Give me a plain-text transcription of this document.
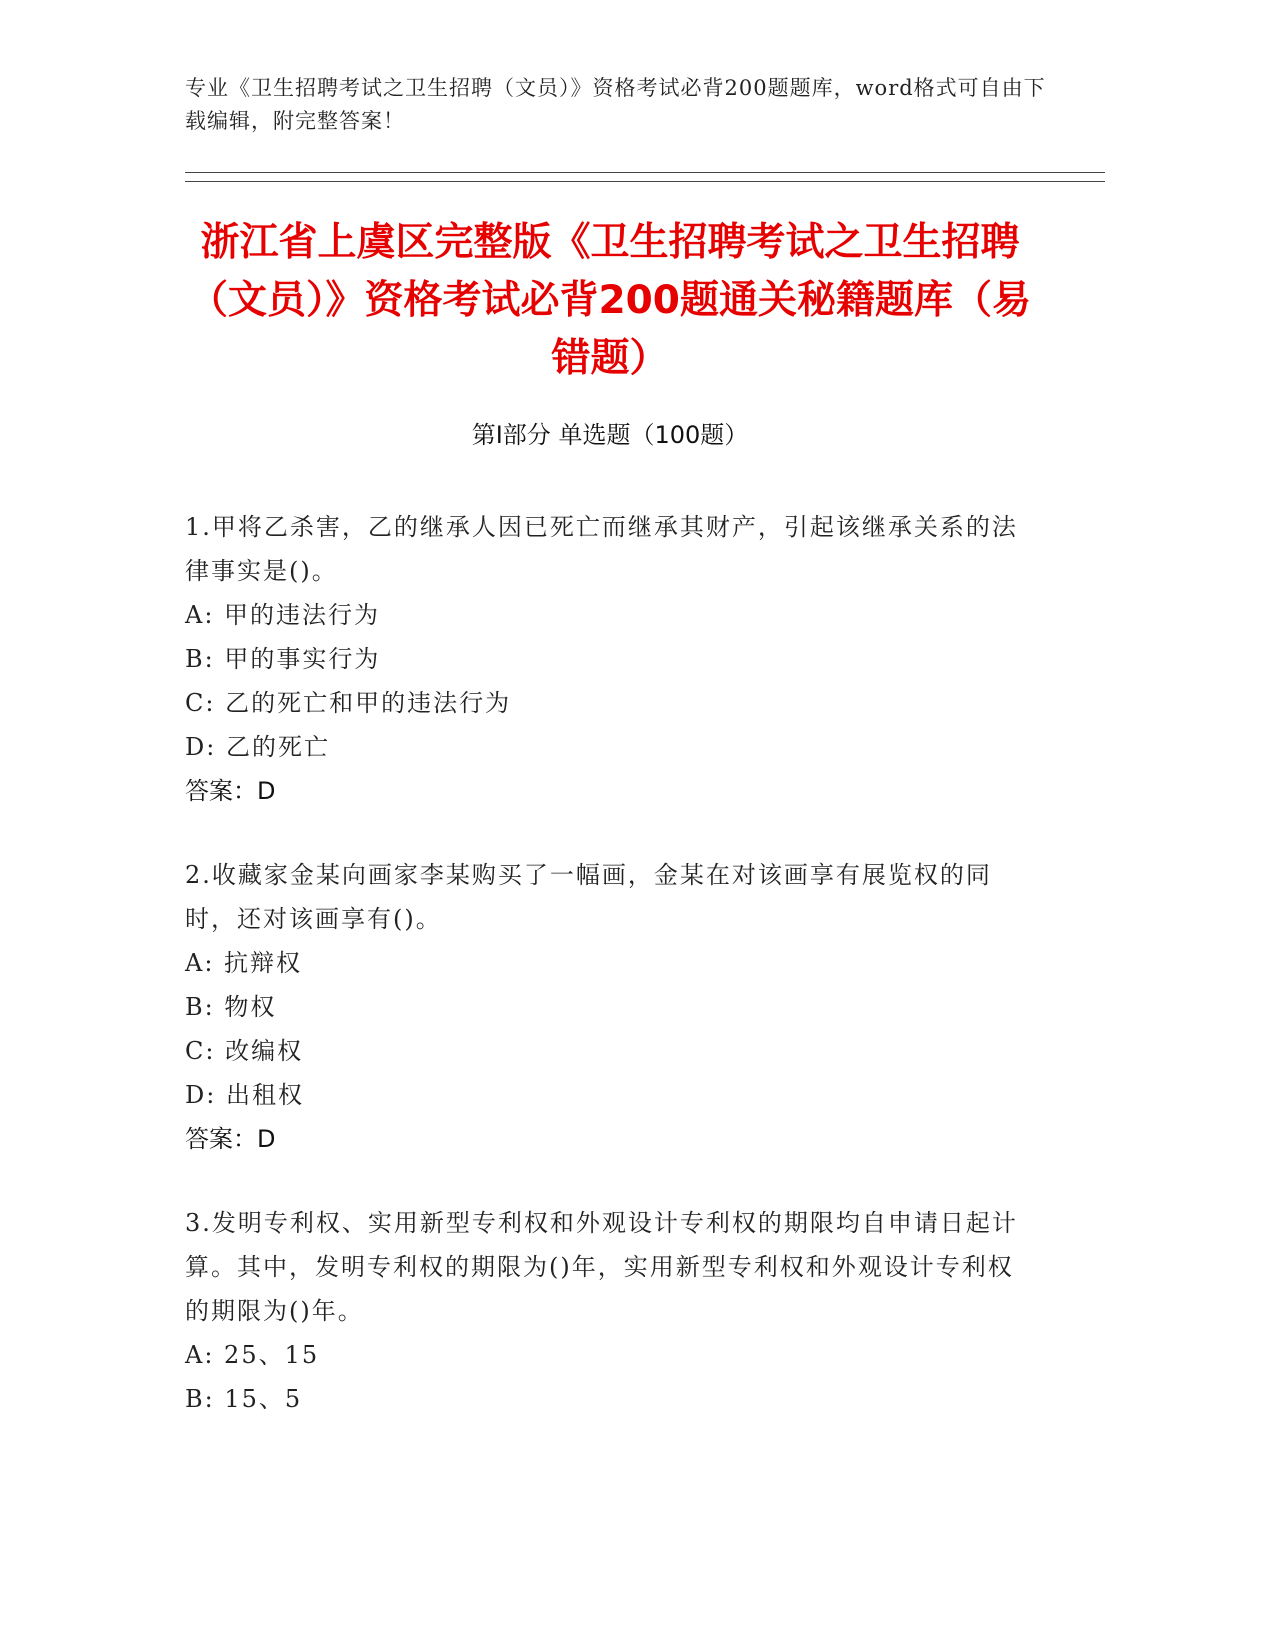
专业《卫生招聘考试之卫生招聘（文员）》资格考试必背200题题库，word格式可自由下载编辑，附完整答案！
浙江省上虞区完整版《卫生招聘考试之卫生招聘（文员）》资格考试必背200题通关秘籍题库（易错题）
第Ⅰ部分 单选题（100题）
1.甲将乙杀害，乙的继承人因已死亡而继承其财产，引起该继承关系的法律事实是()。
A: 甲的违法行为
B: 甲的事实行为
C: 乙的死亡和甲的违法行为
D: 乙的死亡
答案：D
2.收藏家金某向画家李某购买了一幅画，金某在对该画享有展览权的同时，还对该画享有()。
A: 抗辩权
B: 物权
C: 改编权
D: 出租权
答案：D
3.发明专利权、实用新型专利权和外观设计专利权的期限均自申请日起计算。其中，发明专利权的期限为()年，实用新型专利权和外观设计专利权的期限为()年。
A: 25、15
B: 15、5
